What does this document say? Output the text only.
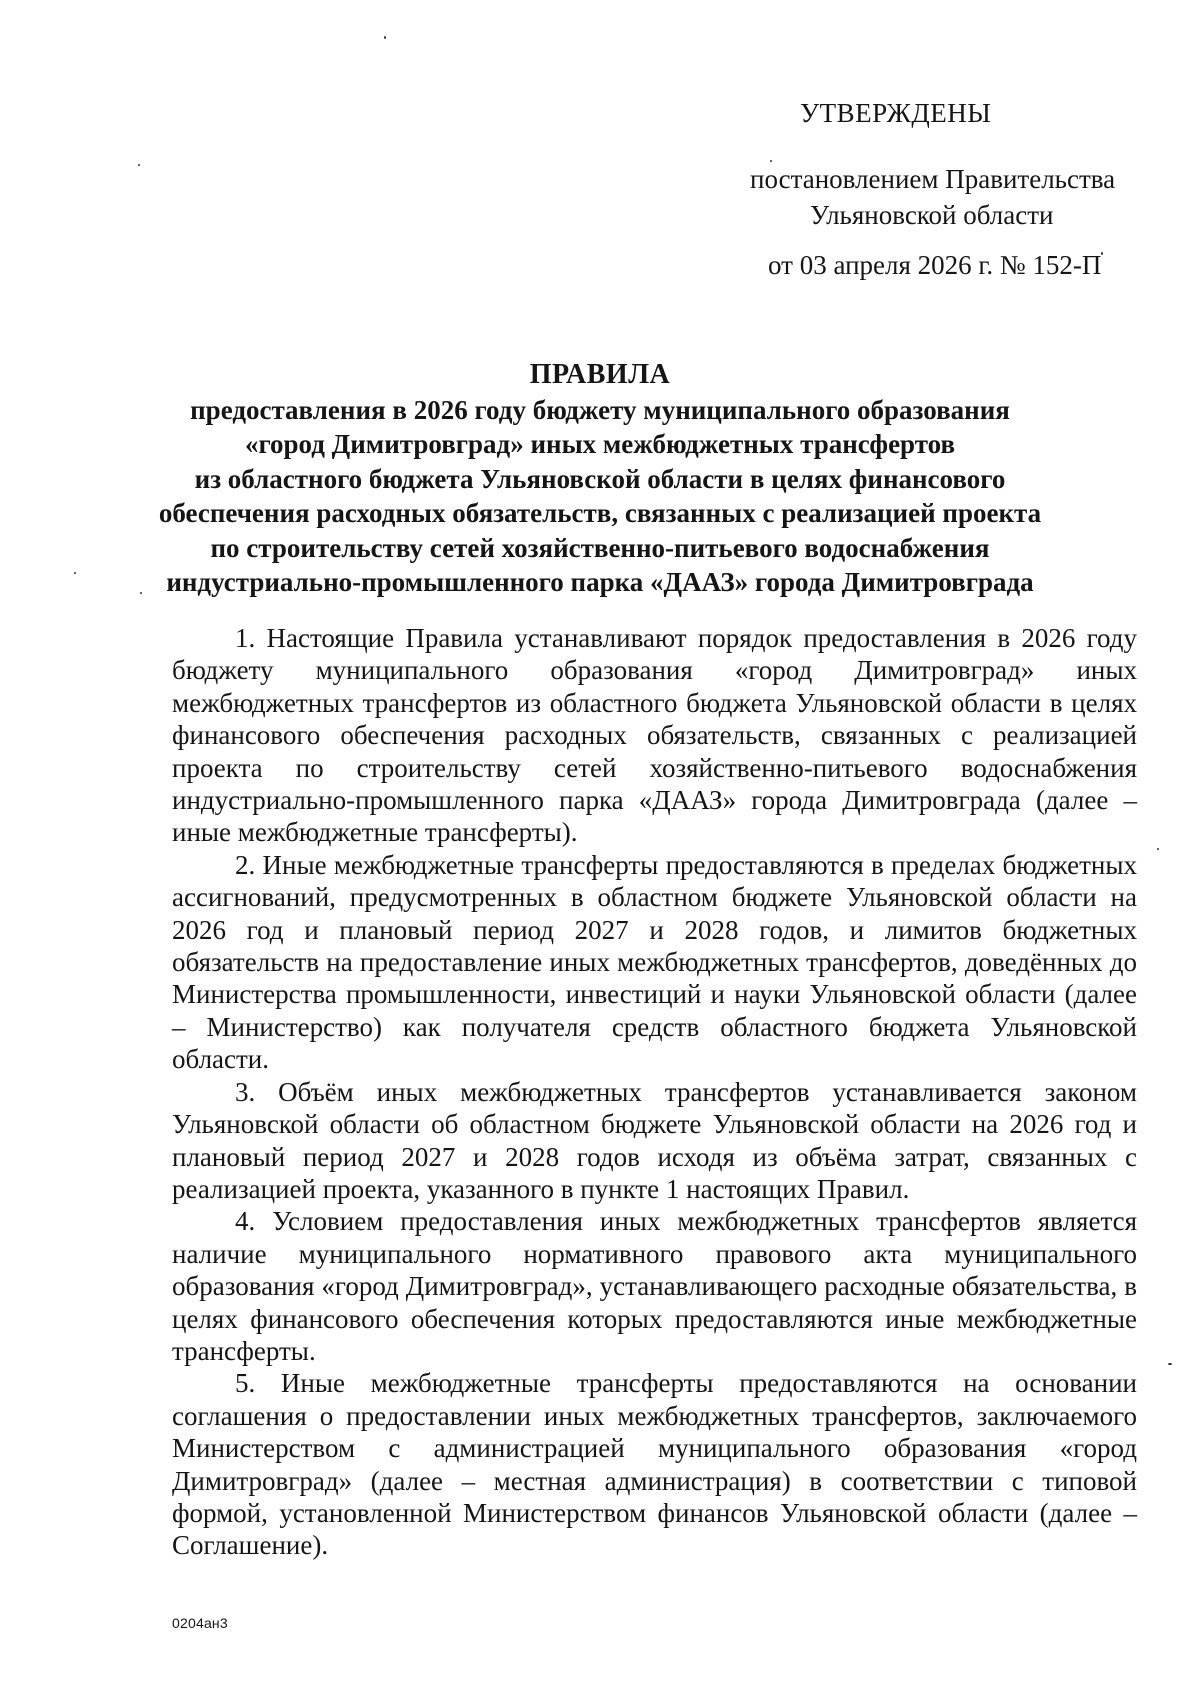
УТВЕРЖДЕНЫ
постановлением Правительства
Ульяновской области
от 03 апреля 2026 г. № 152-П
ПРАВИЛА
предоставления в 2026 году бюджету муниципального образования
«город Димитровград» иных межбюджетных трансфертов
из областного бюджета Ульяновской области в целях финансового
обеспечения расходных обязательств, связанных с реализацией проекта
по строительству сетей хозяйственно-питьевого водоснабжения
индустриально-промышленного парка «ДААЗ» города Димитровграда

1. Настоящие Правила устанавливают порядок предоставления в 2026 году бюджету муниципального образования «город Димитровград» иных межбюджетных трансфертов из областного бюджета Ульяновской области в целях финансового обеспечения расходных обязательств, связанных с реализацией проекта по строительству сетей хозяйственно-питьевого водоснабжения индустриально-промышленного парка «ДААЗ» города Димитровграда (далее – иные межбюджетные трансферты).

2. Иные межбюджетные трансферты предоставляются в пределах бюджетных ассигнований, предусмотренных в областном бюджете Ульяновской области на 2026 год и плановый период 2027 и 2028 годов, и лимитов бюджетных обязательств на предоставление иных межбюджетных трансфертов, доведённых до Министерства промышленности, инвестиций и науки Ульяновской области (далее – Министерство) как получателя средств областного бюджета Ульяновской области.

3. Объём иных межбюджетных трансфертов устанавливается законом Ульяновской области об областном бюджете Ульяновской области на 2026 год и плановый период 2027 и 2028 годов исходя из объёма затрат, связанных с реализацией проекта, указанного в пункте 1 настоящих Правил.

4. Условием предоставления иных межбюджетных трансфертов является наличие муниципального нормативного правового акта муниципального образования «город Димитровград», устанавливающего расходные обязательства, в целях финансового обеспечения которых предоставляются иные межбюджетные трансферты.

5. Иные межбюджетные трансферты предоставляются на основании соглашения о предоставлении иных межбюджетных трансфертов, заключаемого Министерством с администрацией муниципального образования «город Димитровград» (далее – местная администрация) в соответствии с типовой формой, установленной Министерством финансов Ульяновской области (далее – Соглашение).

0204ан3
